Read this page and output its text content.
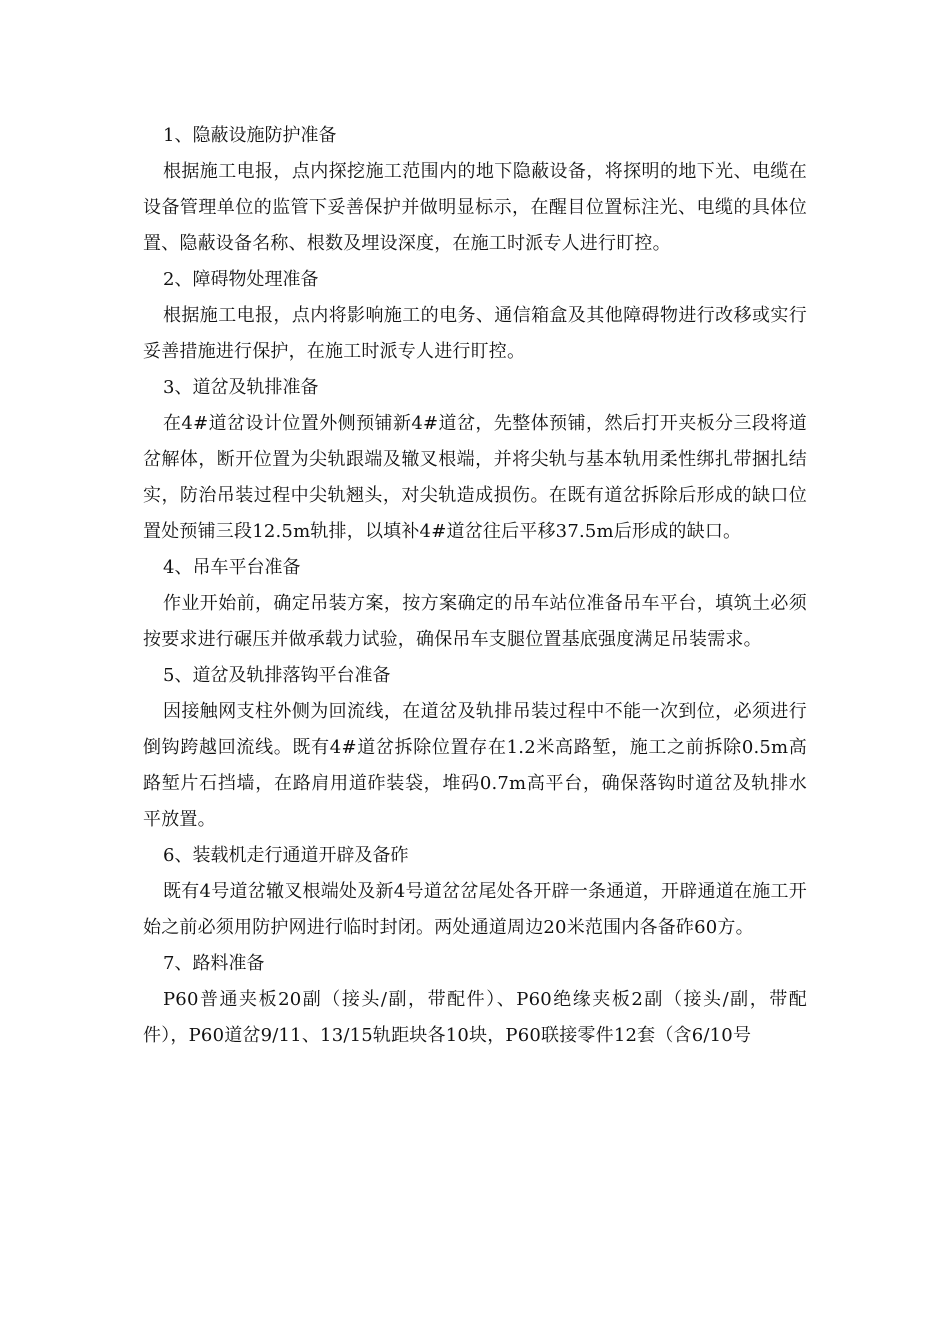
1、隐蔽设施防护准备

根据施工电报，点内探挖施工范围内的地下隐蔽设备，将探明的地下光、电缆在设备管理单位的监管下妥善保护并做明显标示，在醒目位置标注光、电缆的具体位置、隐蔽设备名称、根数及埋设深度，在施工时派专人进行盯控。

2、障碍物处理准备

根据施工电报，点内将影响施工的电务、通信箱盒及其他障碍物进行改移或实行妥善措施进行保护，在施工时派专人进行盯控。

3、道岔及轨排准备

在4#道岔设计位置外侧预铺新4#道岔，先整体预铺，然后打开夹板分三段将道岔解体，断开位置为尖轨跟端及辙叉根端，并将尖轨与基本轨用柔性绑扎带捆扎结实，防治吊装过程中尖轨翘头，对尖轨造成损伤。在既有道岔拆除后形成的缺口位置处预铺三段12.5m轨排，以填补4#道岔往后平移37.5m后形成的缺口。

4、吊车平台准备

作业开始前，确定吊装方案，按方案确定的吊车站位准备吊车平台，填筑土必须按要求进行碾压并做承载力试验，确保吊车支腿位置基底强度满足吊装需求。

5、道岔及轨排落钩平台准备

因接触网支柱外侧为回流线，在道岔及轨排吊装过程中不能一次到位，必须进行倒钩跨越回流线。既有4#道岔拆除位置存在1.2米高路堑，施工之前拆除0.5m高路堑片石挡墙，在路肩用道砟装袋，堆码0.7m高平台，确保落钩时道岔及轨排水平放置。

6、装载机走行通道开辟及备砟

既有4号道岔辙叉根端处及新4号道岔岔尾处各开辟一条通道，开辟通道在施工开始之前必须用防护网进行临时封闭。两处通道周边20米范围内各备砟60方。

7、路料准备

P60普通夹板20副（接头/副，带配件）、P60绝缘夹板2副（接头/副，带配件），P60道岔9/11、13/15轨距块各10块，P60联接零件12套（含6/10号
